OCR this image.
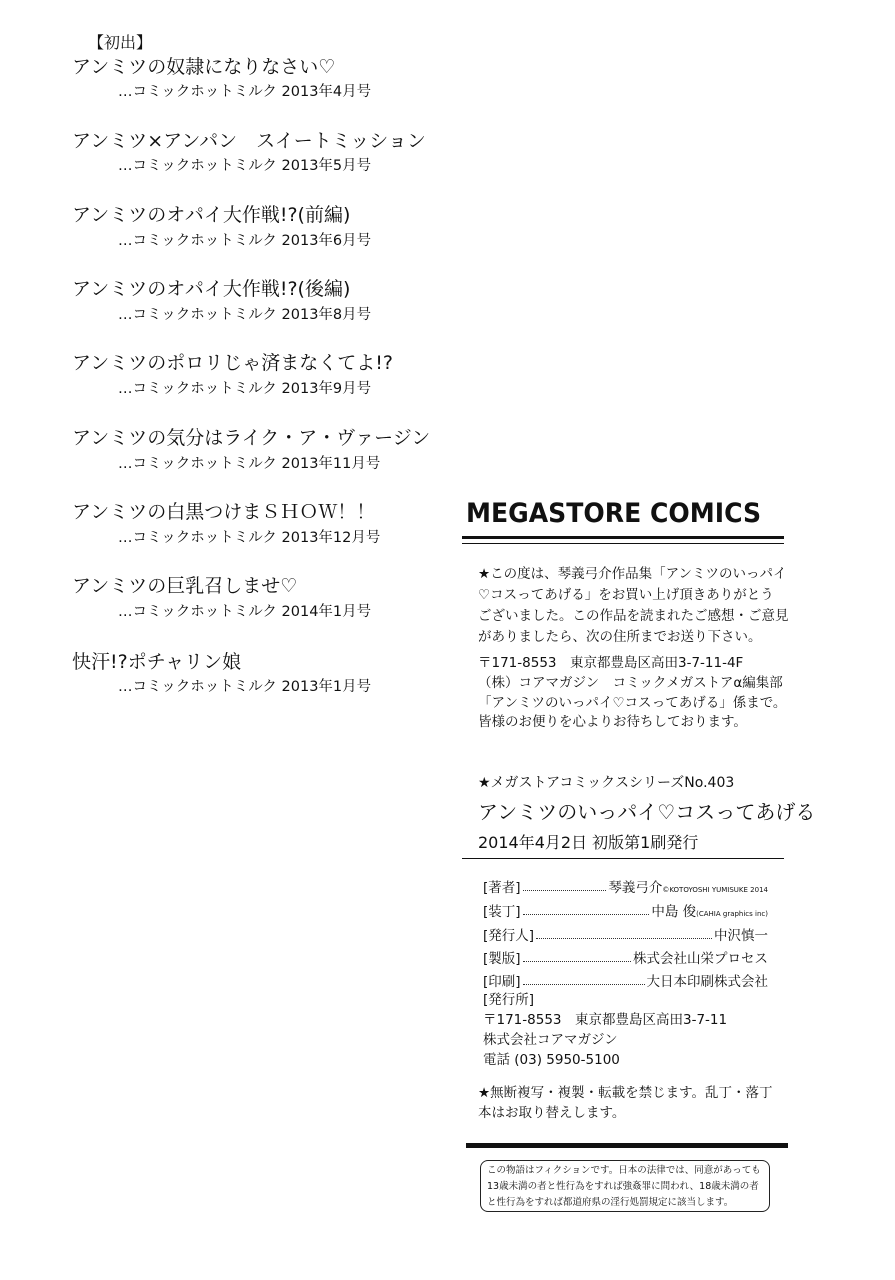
【初出】
アンミツの奴隷になりなさい♡
…コミックホットミルク 2013年4月号
アンミツ×アンパン　スイートミッション
…コミックホットミルク 2013年5月号
アンミツのオパイ大作戦!?(前編)
…コミックホットミルク 2013年6月号
アンミツのオパイ大作戦!?(後編)
…コミックホットミルク 2013年8月号
アンミツのポロリじゃ済まなくてよ!?
…コミックホットミルク 2013年9月号
アンミツの気分はライク・ア・ヴァージン
…コミックホットミルク 2013年11月号
アンミツの白黒つけまＳＨＯＷ！！
…コミックホットミルク 2013年12月号
アンミツの巨乳召しませ♡
…コミックホットミルク 2014年1月号
快汗!?ポチャリン娘
…コミックホットミルク 2013年1月号
MEGASTORE COMICS
★この度は、琴義弓介作品集「アンミツのいっパイ
♡コスってあげる」をお買い上げ頂きありがとう
ございました。この作品を読まれたご感想・ご意見
がありましたら、次の住所までお送り下さい。
〒171-8553　東京都豊島区高田3-7-11-4F
（株）コアマガジン　コミックメガストアα編集部
「アンミツのいっパイ♡コスってあげる」係まで。
皆様のお便りを心よりお待ちしております。
★メガストアコミックスシリーズNo.403
アンミツのいっパイ♡コスってあげる
2014年4月2日 初版第1刷発行
[著者]	琴義弓介©KOTOYOSHI YUMISUKE 2014
[装丁]	中島 俊(CAHIA graphics inc)
[発行人]	中沢慎一
[製版]	株式会社山栄プロセス
[印刷]	大日本印刷株式会社
[発行所]
〒171-8553　東京都豊島区高田3-7-11
株式会社コアマガジン
電話 (03) 5950-5100
★無断複写・複製・転載を禁じます。乱丁・落丁
本はお取り替えします。
この物語はフィクションです。日本の法律では、同意があっても13歳未満の者と性行為をすれば強姦罪に問われ、18歳未満の者と性行為をすれば都道府県の淫行処罰規定に該当します。
